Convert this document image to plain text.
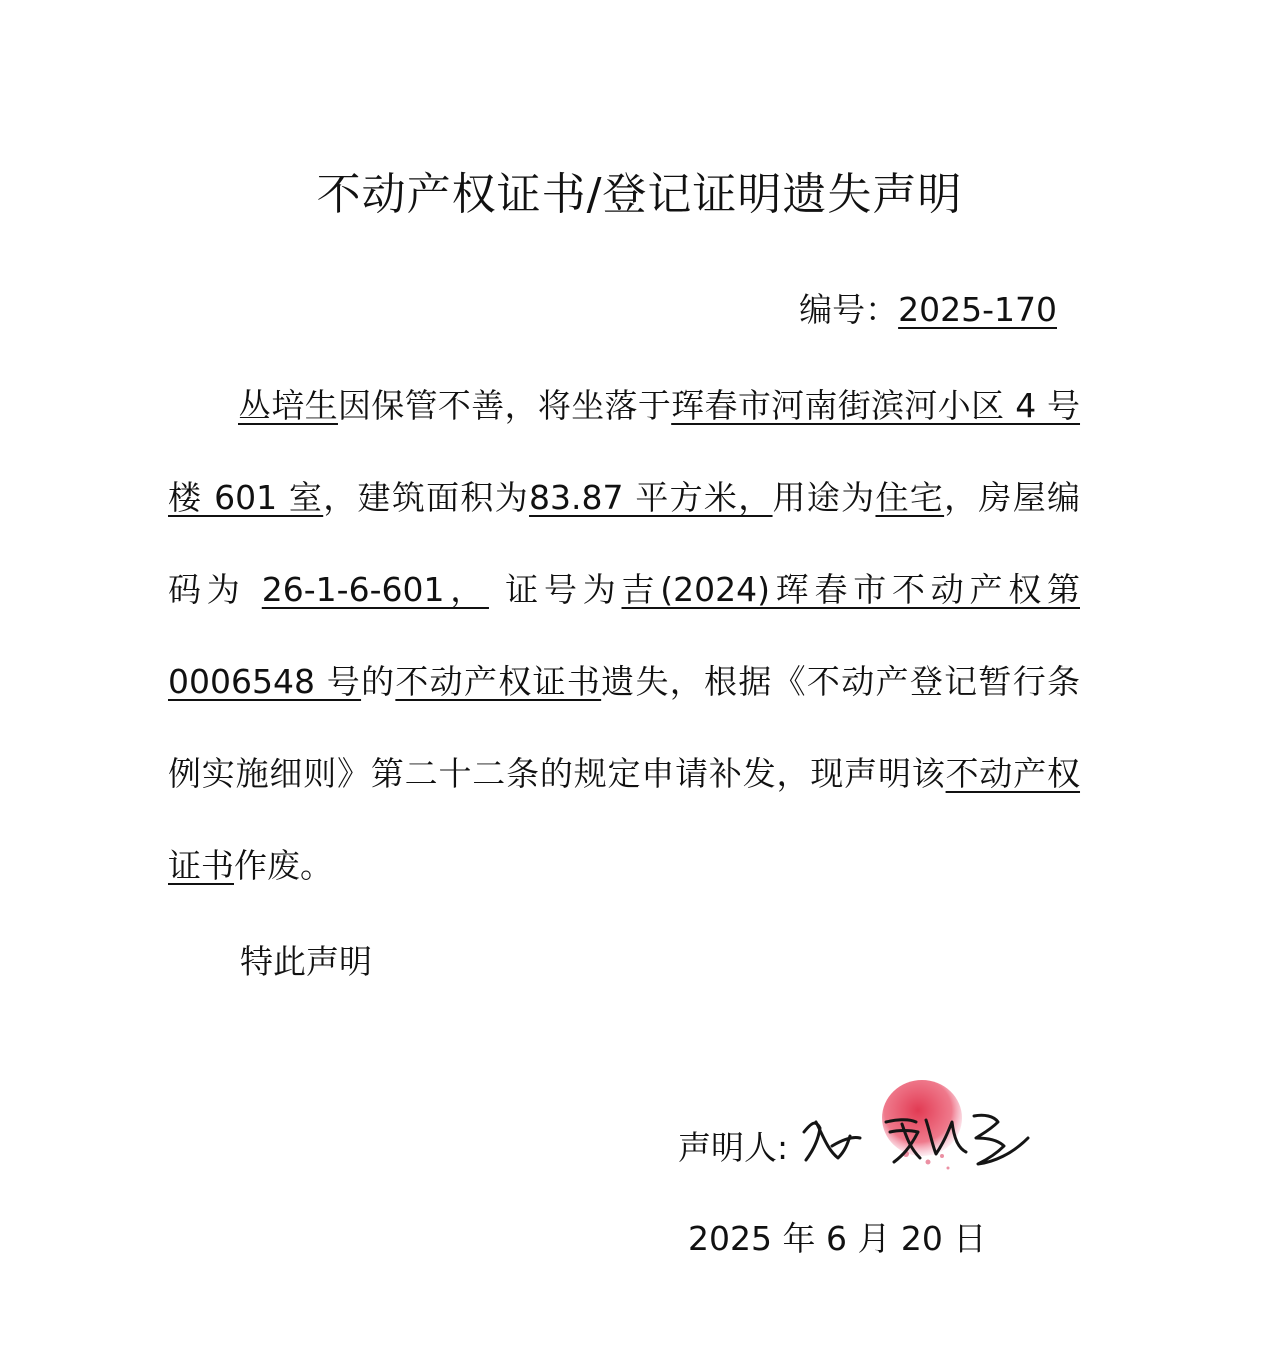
不动产权证书/登记证明遗失声明
编号：2025-170

丛培生因保管不善，将坐落于珲春市河南街滨河小区 4 号楼 601 室，建筑面积为83.87 平方米，用途为住宅，房屋编码为 26-1-6-601， 证号为吉(2024)珲春市不动产权第 0006548 号的不动产权证书遗失，根据《不动产登记暂行条例实施细则》第二十二条的规定申请补发，现声明该不动产权证书作废。

特此声明
声明人:
2025 年 6 月 20 日
